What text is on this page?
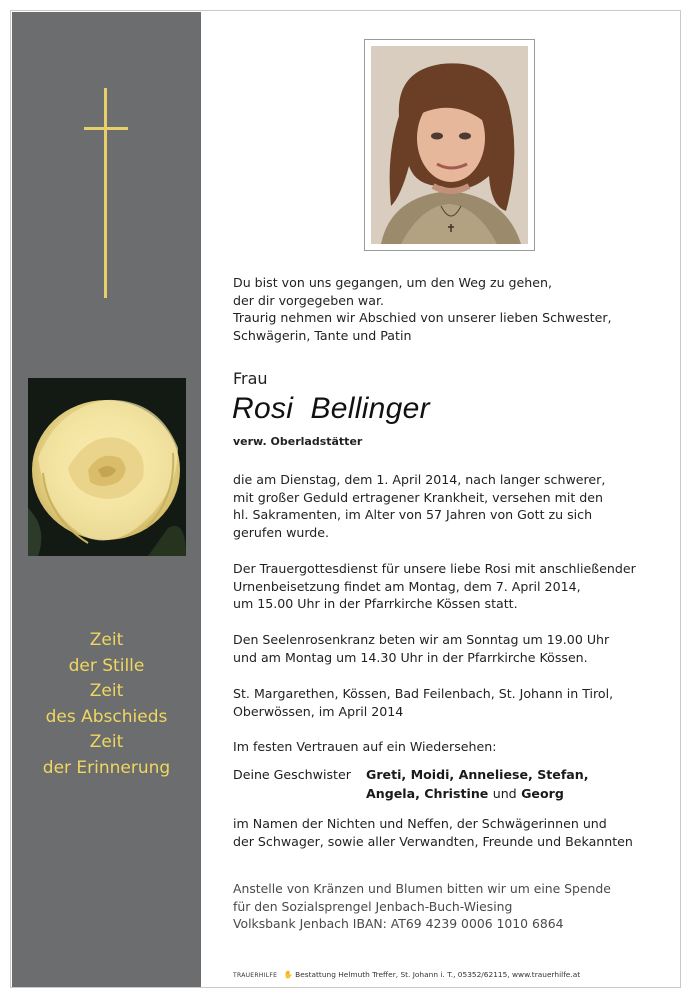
Zeit
der Stille
Zeit
des Abschieds
Zeit
der Erinnerung
Du bist von uns gegangen, um den Weg zu gehen,
der dir vorgegeben war.
Traurig nehmen wir Abschied von unserer lieben Schwester,
Schwägerin, Tante und Patin
Frau
Rosi  Bellinger
verw. Oberladstätter
die am Dienstag, dem 1. April 2014, nach langer schwerer,
mit großer Geduld ertragener Krankheit, versehen mit den
hl. Sakramenten, im Alter von 57 Jahren von Gott zu sich
gerufen wurde.
Der Trauergottesdienst für unsere liebe Rosi mit anschließender
Urnenbeisetzung findet am Montag, dem 7. April 2014,
um 15.00 Uhr in der Pfarrkirche Kössen statt.
Den Seelenrosenkranz beten wir am Sonntag um 19.00 Uhr
und am Montag um 14.30 Uhr in der Pfarrkirche Kössen.
St. Margarethen, Kössen, Bad Feilenbach, St. Johann in Tirol,
Oberwössen, im April 2014
Im festen Vertrauen auf ein Wiedersehen:
Deine Geschwister Greti, Moidi, Anneliese, Stefan,
Angela, Christine und Georg
im Namen der Nichten und Neffen, der Schwägerinnen und
der Schwager, sowie aller Verwandten, Freunde und Bekannten
Anstelle von Kränzen und Blumen bitten wir um eine Spende
für den Sozialsprengel Jenbach-Buch-Wiesing
Volksbank Jenbach IBAN: AT69 4239 0006 1010 6864
TRAUERHILFE ✋ Bestattung Helmuth Treffer, St. Johann i. T., 05352/62115, www.trauerhilfe.at
